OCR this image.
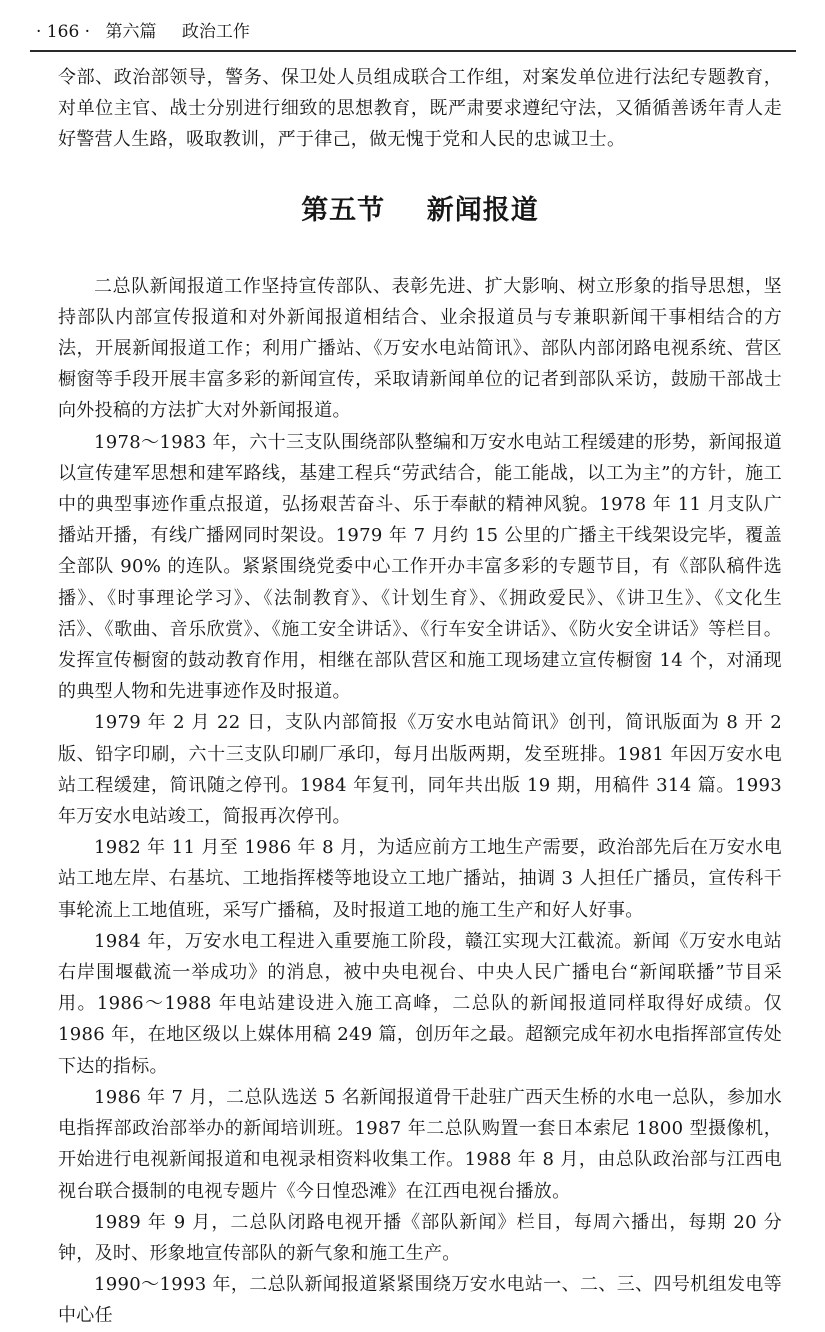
· 166 · 第六篇 政治工作

令部、政治部领导，警务、保卫处人员组成联合工作组，对案发单位进行法纪专题教育，对单位主官、战士分别进行细致的思想教育，既严肃要求遵纪守法，又循循善诱年青人走好警营人生路，吸取教训，严于律己，做无愧于党和人民的忠诚卫士。

第五节    新闻报道

二总队新闻报道工作坚持宣传部队、表彰先进、扩大影响、树立形象的指导思想，坚持部队内部宣传报道和对外新闻报道相结合、业余报道员与专兼职新闻干事相结合的方法，开展新闻报道工作；利用广播站、《万安水电站简讯》、部队内部闭路电视系统、营区橱窗等手段开展丰富多彩的新闻宣传，采取请新闻单位的记者到部队采访，鼓励干部战士向外投稿的方法扩大对外新闻报道。

1978～1983 年，六十三支队围绕部队整编和万安水电站工程缓建的形势，新闻报道以宣传建军思想和建军路线，基建工程兵“劳武结合，能工能战，以工为主”的方针，施工中的典型事迹作重点报道，弘扬艰苦奋斗、乐于奉献的精神风貌。1978 年 11 月支队广播站开播，有线广播网同时架设。1979 年 7 月约 15 公里的广播主干线架设完毕，覆盖全部队 90% 的连队。紧紧围绕党委中心工作开办丰富多彩的专题节目，有《部队稿件选播》、《时事理论学习》、《法制教育》、《计划生育》、《拥政爱民》、《讲卫生》、《文化生活》、《歌曲、音乐欣赏》、《施工安全讲话》、《行车安全讲话》、《防火安全讲话》等栏目。发挥宣传橱窗的鼓动教育作用，相继在部队营区和施工现场建立宣传橱窗 14 个，对涌现的典型人物和先进事迹作及时报道。

1979 年 2 月 22 日，支队内部简报《万安水电站简讯》创刊，简讯版面为 8 开 2 版、铅字印刷，六十三支队印刷厂承印，每月出版两期，发至班排。1981 年因万安水电站工程缓建，简讯随之停刊。1984 年复刊，同年共出版 19 期，用稿件 314 篇。1993 年万安水电站竣工，简报再次停刊。

1982 年 11 月至 1986 年 8 月，为适应前方工地生产需要，政治部先后在万安水电站工地左岸、右基坑、工地指挥楼等地设立工地广播站，抽调 3 人担任广播员，宣传科干事轮流上工地值班，采写广播稿，及时报道工地的施工生产和好人好事。

1984 年，万安水电工程进入重要施工阶段，赣江实现大江截流。新闻《万安水电站右岸围堰截流一举成功》的消息，被中央电视台、中央人民广播电台“新闻联播”节目采用。1986～1988 年电站建设进入施工高峰，二总队的新闻报道同样取得好成绩。仅 1986 年，在地区级以上媒体用稿 249 篇，创历年之最。超额完成年初水电指挥部宣传处下达的指标。

1986 年 7 月，二总队选送 5 名新闻报道骨干赴驻广西天生桥的水电一总队，参加水电指挥部政治部举办的新闻培训班。1987 年二总队购置一套日本索尼 1800 型摄像机，开始进行电视新闻报道和电视录相资料收集工作。1988 年 8 月，由总队政治部与江西电视台联合摄制的电视专题片《今日惶恐滩》在江西电视台播放。

1989 年 9 月，二总队闭路电视开播《部队新闻》栏目，每周六播出，每期 20 分钟，及时、形象地宣传部队的新气象和施工生产。

1990～1993 年，二总队新闻报道紧紧围绕万安水电站一、二、三、四号机组发电等中心任
